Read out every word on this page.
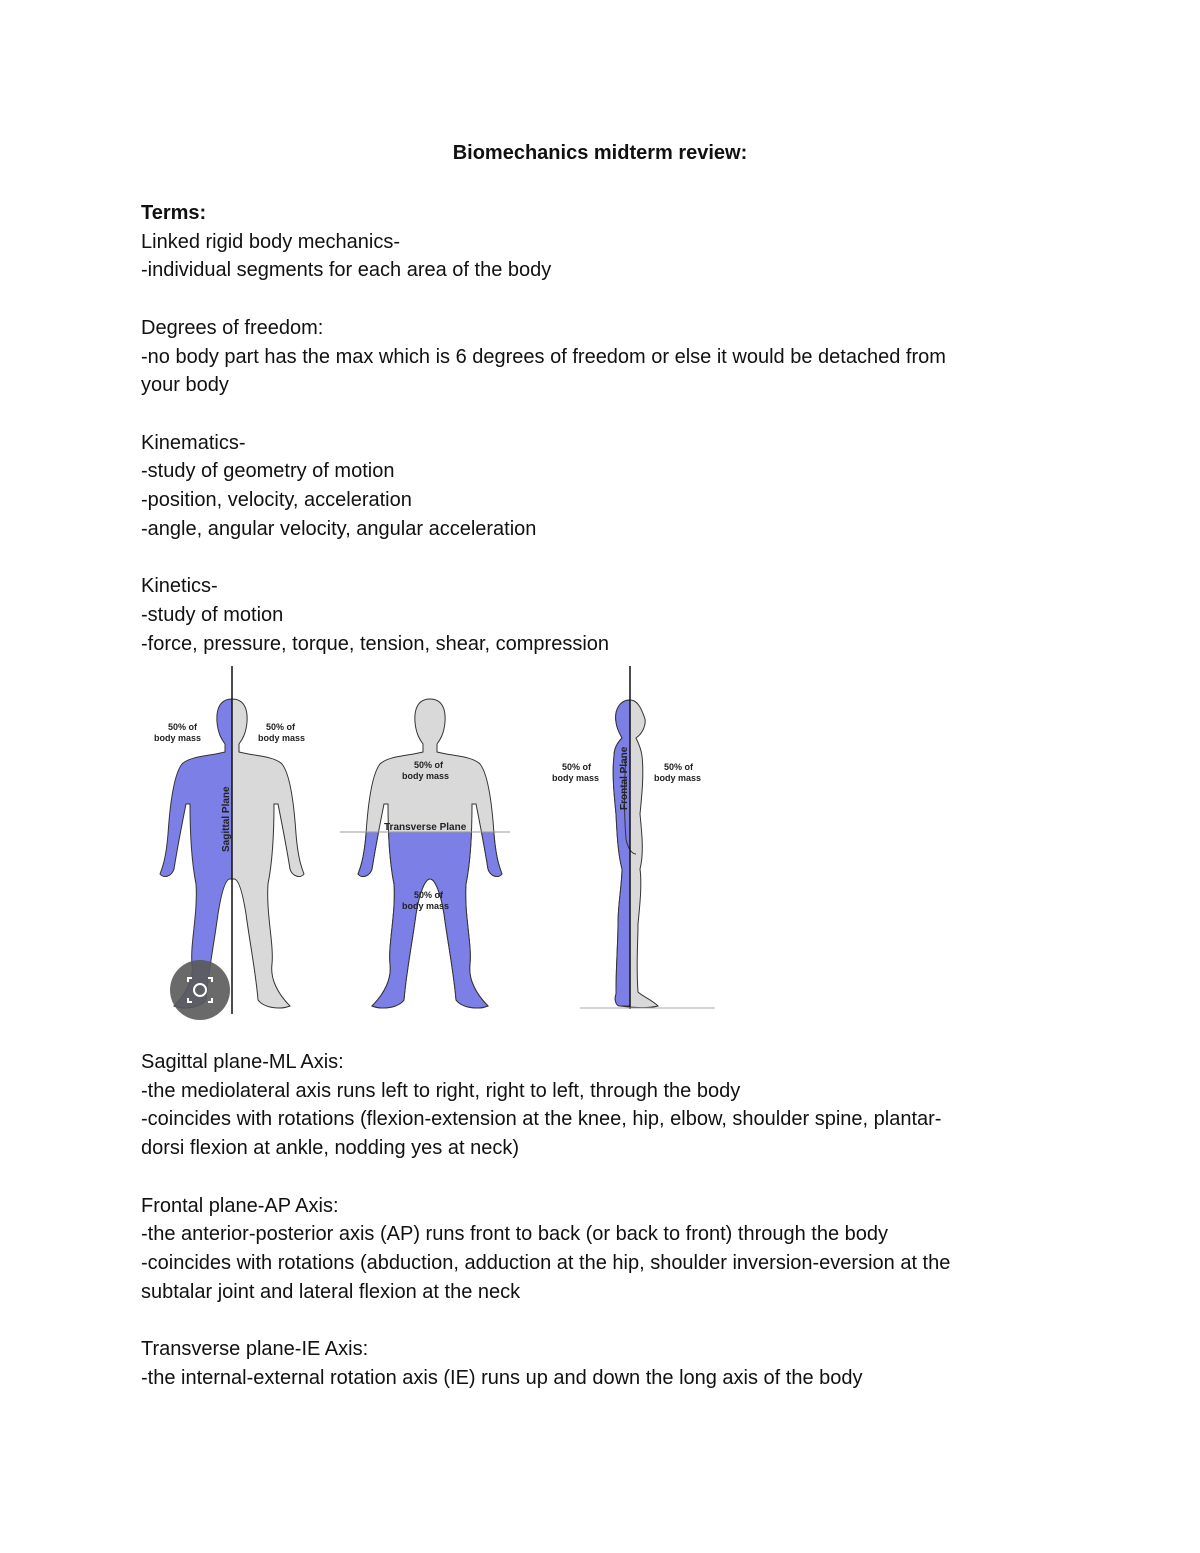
Biomechanics midterm review:
Terms:
Linked rigid body mechanics-
-individual segments for each area of the body
Degrees of freedom:
-no body part has the max which is 6 degrees of freedom or else it would be detached from
your body
Kinematics-
-study of geometry of motion
-position, velocity, acceleration
-angle, angular velocity, angular acceleration
Kinetics-
-study of motion
-force, pressure, torque, tension, shear, compression
50% of
body mass
50% of
body mass
Sagittal Plane
50% of
body mass
Transverse Plane
50% of
body mass
50% of
body mass
50% of
body mass
Frontal Plane
Sagittal plane-ML Axis:
-the mediolateral axis runs left to right, right to left, through the body
-coincides with rotations (flexion-extension at the knee, hip, elbow, shoulder spine, plantar-
dorsi flexion at ankle, nodding yes at neck)
Frontal plane-AP Axis:
-the anterior-posterior axis (AP) runs front to back (or back to front) through the body
-coincides with rotations (abduction, adduction at the hip, shoulder inversion-eversion at the
subtalar joint and lateral flexion at the neck
Transverse plane-IE Axis:
-the internal-external rotation axis (IE) runs up and down the long axis of the body
